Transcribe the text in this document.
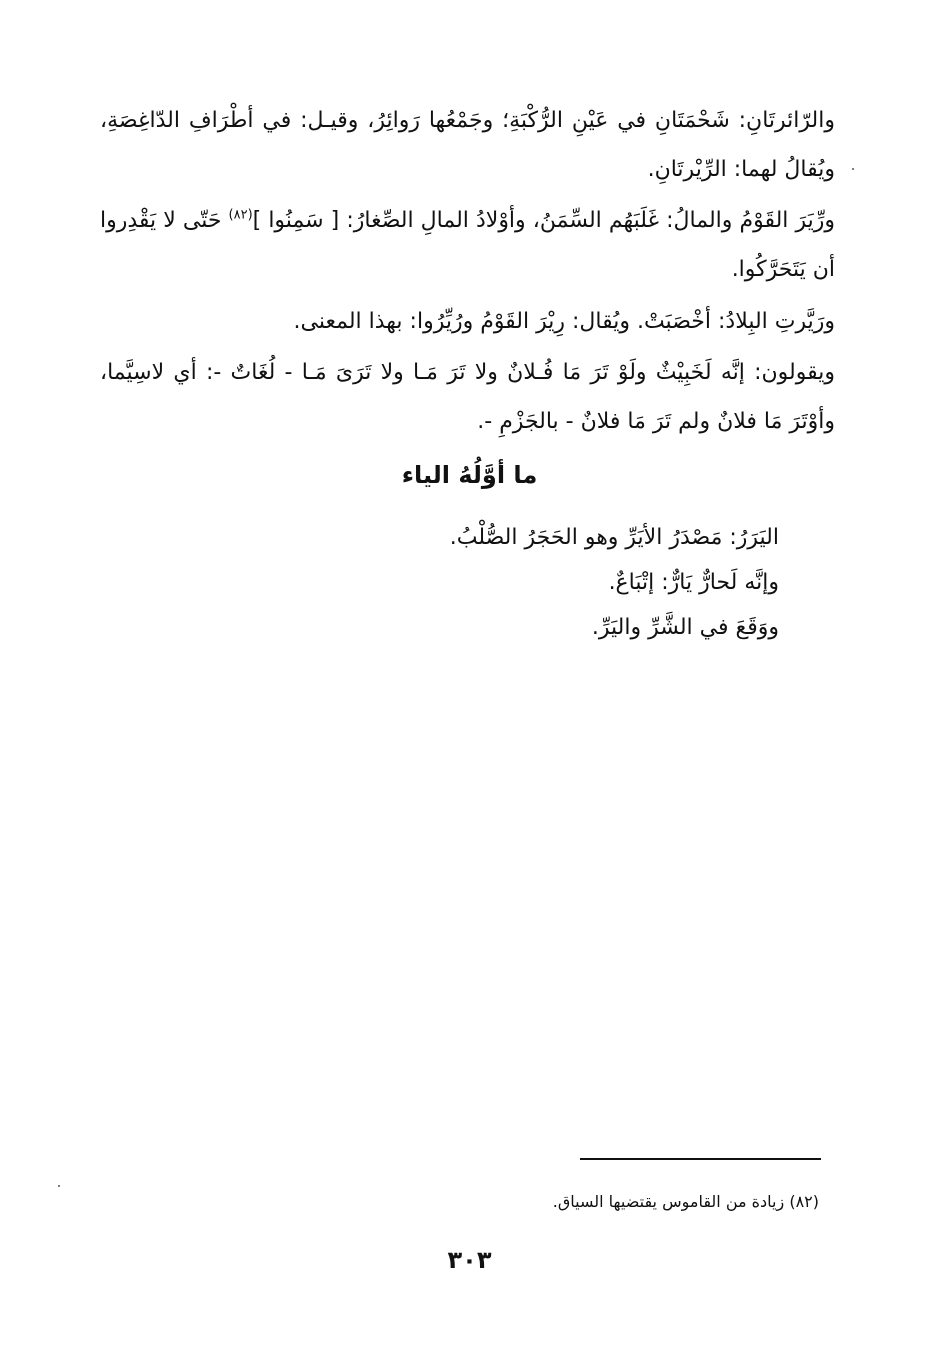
والرّائرتَانِ: شَحْمَتَانِ في عَيْنِ الرُّكْبَةِ؛ وجَمْعُها رَوائِرُ، وقيـل: في أطْرَافِ الدّاغِصَةِ، ويُقالُ لهما: الرِّيْرتَانِ.

ورِّيَرَ القَوْمُ والمالُ: غَلَبَهُم السِّمَنُ، وأوْلادُ المالِ الصِّغارُ: [ سَمِنُوا ]$^{(٨٢)}$ حَتّى لا يَقْدِروا أن يَتَحَرَّكُوا.

ورَيَّرتِ البِلادُ: أخْصَبَتْ. ويُقال: رِيْرَ القَوْمُ ورُيِّرُوا: بهذا المعنى.

ويقولون: إنَّه لَخَبِيْثٌ ولَوْ تَرَ مَا فُـلانٌ ولا تَرَ مَـا ولا تَرَىَ مَـا - لُغَاتٌ -: أي لاسِيَّما، وأوْتَرَ مَا فلانٌ ولم تَرَ مَا فلانٌ - بالجَزْمِ -.

ما أوَّلُهُ الياء
اليَرَرُ: مَصْدَرُ الأيَرِّ وهو الحَجَرُ الصُّلْبُ.
وإنَّه لَحارٌّ يَارٌّ: إتْبَاعٌ.
ووَقَعَ في الشَّرِّ واليَرِّ.

(٨٢) زيادة من القاموس يقتضيها السياق.

٣٠٣
